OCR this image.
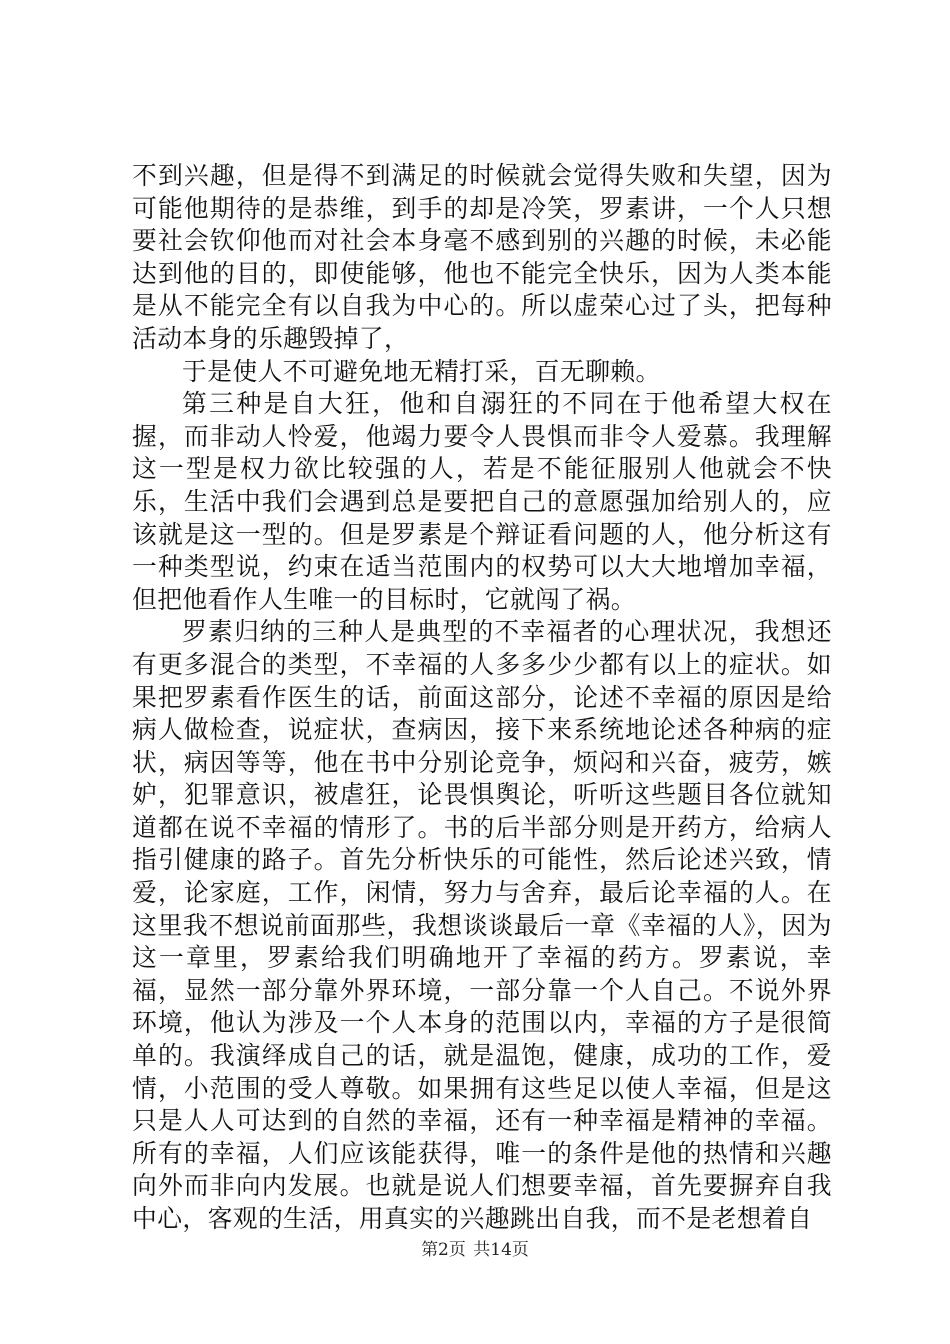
不到兴趣，但是得不到满足的时候就会觉得失败和失望，因为可能他期待的是恭维，到手的却是冷笑，罗素讲，一个人只想要社会钦仰他而对社会本身毫不感到别的兴趣的时候，未必能达到他的目的，即使能够，他也不能完全快乐，因为人类本能是从不能完全有以自我为中心的。所以虚荣心过了头，把每种活动本身的乐趣毁掉了，

于是使人不可避免地无精打采，百无聊赖。

第三种是自大狂，他和自溺狂的不同在于他希望大权在握，而非动人怜爱，他竭力要令人畏惧而非令人爱慕。我理解这一型是权力欲比较强的人，若是不能征服别人他就会不快乐，生活中我们会遇到总是要把自己的意愿强加给别人的，应该就是这一型的。但是罗素是个辩证看问题的人，他分析这有一种类型说，约束在适当范围内的权势可以大大地增加幸福，但把他看作人生唯一的目标时，它就闯了祸。

罗素归纳的三种人是典型的不幸福者的心理状况，我想还有更多混合的类型，不幸福的人多多少少都有以上的症状。如果把罗素看作医生的话，前面这部分，论述不幸福的原因是给病人做检查，说症状，查病因，接下来系统地论述各种病的症状，病因等等，他在书中分别论竞争，烦闷和兴奋，疲劳，嫉妒，犯罪意识，被虐狂，论畏惧舆论，听听这些题目各位就知道都在说不幸福的情形了。书的后半部分则是开药方，给病人指引健康的路子。首先分析快乐的可能性，然后论述兴致，情爱，论家庭，工作，闲情，努力与舍弃，最后论幸福的人。在这里我不想说前面那些，我想谈谈最后一章《幸福的人》，因为这一章里，罗素给我们明确地开了幸福的药方。罗素说，幸福，显然一部分靠外界环境，一部分靠一个人自己。不说外界环境，他认为涉及一个人本身的范围以内，幸福的方子是很简单的。我演绎成自己的话，就是温饱，健康，成功的工作，爱情，小范围的受人尊敬。如果拥有这些足以使人幸福，但是这只是人人可达到的自然的幸福，还有一种幸福是精神的幸福。所有的幸福，人们应该能获得，唯一的条件是他的热情和兴趣向外而非向内发展。也就是说人们想要幸福，首先要摒弃自我中心，客观的生活，用真实的兴趣跳出自我，而不是老想着自

第2页 共14页
